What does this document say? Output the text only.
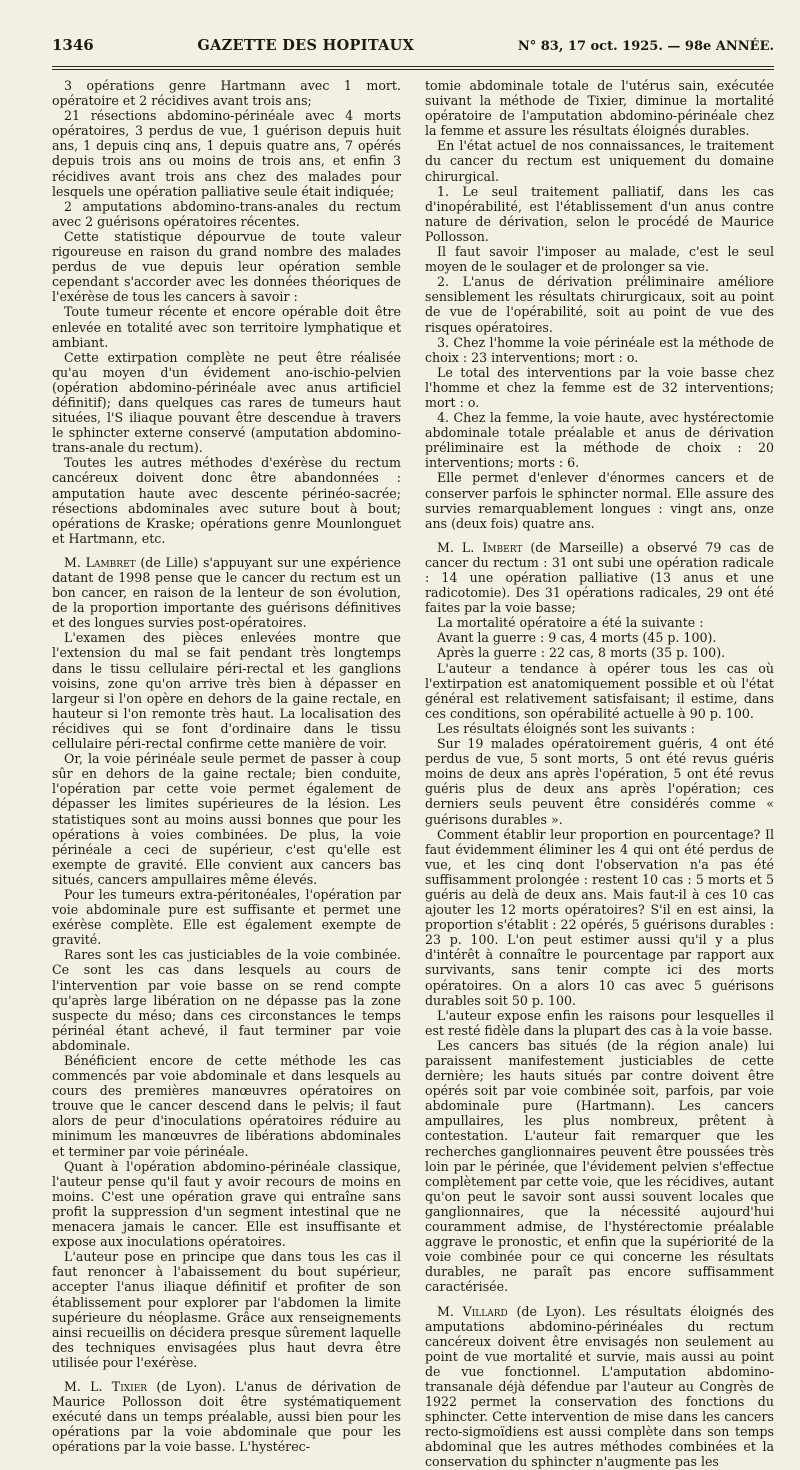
1346	GAZETTE DES HOPITAUX	N° 83, 17 oct. 1925. — 98e ANNÉE.

3 opérations genre Hartmann avec 1 mort. opératoire et 2 récidives avant trois ans;

21 résections abdomino-périnéale avec 4 morts opératoires, 3 perdus de vue, 1 guérison depuis huit ans, 1 depuis cinq ans, 1 depuis quatre ans, 7 opérés depuis trois ans ou moins de trois ans, et enfin 3 récidives avant trois ans chez des malades pour lesquels une opération palliative seule était indiquée;

2 amputations abdomino-trans-anales du rectum avec 2 guérisons opératoires récentes.

Cette statistique dépourvue de toute valeur rigoureuse en raison du grand nombre des malades perdus de vue depuis leur opération semble cependant s'accorder avec les données théoriques de l'exérèse de tous les cancers à savoir :

Toute tumeur récente et encore opérable doit être enlevée en totalité avec son territoire lymphatique et ambiant.

Cette extirpation complète ne peut être réalisée qu'au moyen d'un évidement ano-ischio-pelvien (opération abdomino-périnéale avec anus artificiel définitif); dans quelques cas rares de tumeurs haut situées, l'S iliaque pouvant être descendue à travers le sphincter externe conservé (amputation abdomino-trans-anale du rectum).

Toutes les autres méthodes d'exérèse du rectum cancéreux doivent donc être abandonnées : amputation haute avec descente périnéo-sacrée; résections abdominales avec suture bout à bout; opérations de Kraske; opérations genre Mounlonguet et Hartmann, etc.

M. Lambret (de Lille) s'appuyant sur une expérience datant de 1998 pense que le cancer du rectum est un bon cancer, en raison de la lenteur de son évolution, de la proportion importante des guérisons définitives et des longues survies post-opératoires.

L'examen des pièces enlevées montre que l'extension du mal se fait pendant très longtemps dans le tissu cellulaire péri-rectal et les ganglions voisins, zone qu'on arrive très bien à dépasser en largeur si l'on opère en dehors de la gaine rectale, en hauteur si l'on remonte très haut. La localisation des récidives qui se font d'ordinaire dans le tissu cellulaire péri-rectal confirme cette manière de voir.

Or, la voie périnéale seule permet de passer à coup sûr en dehors de la gaine rectale; bien conduite, l'opération par cette voie permet également de dépasser les limites supérieures de la lésion. Les statistiques sont au moins aussi bonnes que pour les opérations à voies combinées. De plus, la voie périnéale a ceci de supérieur, c'est qu'elle est exempte de gravité. Elle convient aux cancers bas situés, cancers ampullaires même élevés.

Pour les tumeurs extra-péritonéales, l'opération par voie abdominale pure est suffisante et permet une exérèse complète. Elle est également exempte de gravité.

Rares sont les cas justiciables de la voie combinée. Ce sont les cas dans lesquels au cours de l'intervention par voie basse on se rend compte qu'après large libération on ne dépasse pas la zone suspecte du méso; dans ces circonstances le temps périnéal étant achevé, il faut terminer par voie abdominale.

Bénéficient encore de cette méthode les cas commencés par voie abdominale et dans lesquels au cours des premières manœuvres opératoires on trouve que le cancer descend dans le pelvis; il faut alors de peur d'inoculations opératoires réduire au minimum les manœuvres de libérations abdominales et terminer par voie périnéale.

Quant à l'opération abdomino-périnéale classique, l'auteur pense qu'il faut y avoir recours de moins en moins. C'est une opération grave qui entraîne sans profit la suppression d'un segment intestinal que ne menacera jamais le cancer. Elle est insuffisante et expose aux inoculations opératoires.

L'auteur pose en principe que dans tous les cas il faut renoncer à l'abaissement du bout supérieur, accepter l'anus iliaque définitif et profiter de son établissement pour explorer par l'abdomen la limite supérieure du néoplasme. Grâce aux renseignements ainsi recueillis on décidera presque sûrement laquelle des techniques envisagées plus haut devra être utilisée pour l'exérèse.

M. L. Tixier (de Lyon). L'anus de dérivation de Maurice Pollosson doit être systématiquement exécuté dans un temps préalable, aussi bien pour les opérations par la voie abdominale que pour les opérations par la voie basse. L'hystérec-

tomie abdominale totale de l'utérus sain, exécutée suivant la méthode de Tixier, diminue la mortalité opératoire de l'amputation abdomino-périnéale chez la femme et assure les résultats éloignés durables.

En l'état actuel de nos connaissances, le traitement du cancer du rectum est uniquement du domaine chirurgical.

1. Le seul traitement palliatif, dans les cas d'inopérabilité, est l'établissement d'un anus contre nature de dérivation, selon le procédé de Maurice Pollosson.

Il faut savoir l'imposer au malade, c'est le seul moyen de le soulager et de prolonger sa vie.

2. L'anus de dérivation préliminaire améliore sensiblement les résultats chirurgicaux, soit au point de vue de l'opérabilité, soit au point de vue des risques opératoires.

3. Chez l'homme la voie périnéale est la méthode de choix : 23 interventions; mort : o.

Le total des interventions par la voie basse chez l'homme et chez la femme est de 32 interventions; mort : o.

4. Chez la femme, la voie haute, avec hystérectomie abdominale totale préalable et anus de dérivation préliminaire est la méthode de choix : 20 interventions; morts : 6.

Elle permet d'enlever d'énormes cancers et de conserver parfois le sphincter normal. Elle assure des survies remarquablement longues : vingt ans, onze ans (deux fois) quatre ans.

M. L. Imbert (de Marseille) a observé 79 cas de cancer du rectum : 31 ont subi une opération radicale : 14 une opération palliative (13 anus et une radicotomie). Des 31 opérations radicales, 29 ont été faites par la voie basse;

La mortalité opératoire a été la suivante :

Avant la guerre : 9 cas, 4 morts (45 p. 100).

Après la guerre : 22 cas, 8 morts (35 p. 100).

L'auteur a tendance à opérer tous les cas où l'extirpation est anatomiquement possible et où l'état général est relativement satisfaisant; il estime, dans ces conditions, son opérabilité actuelle à 90 p. 100.

Les résultats éloignés sont les suivants :

Sur 19 malades opératoirement guéris, 4 ont été perdus de vue, 5 sont morts, 5 ont été revus guéris moins de deux ans après l'opération, 5 ont été revus guéris plus de deux ans après l'opération; ces derniers seuls peuvent être considérés comme « guérisons durables ».

Comment établir leur proportion en pourcentage? Il faut évidemment éliminer les 4 qui ont été perdus de vue, et les cinq dont l'observation n'a pas été suffisamment prolongée : restent 10 cas : 5 morts et 5 guéris au delà de deux ans. Mais faut-il à ces 10 cas ajouter les 12 morts opératoires? S'il en est ainsi, la proportion s'établit : 22 opérés, 5 guérisons durables : 23 p. 100. L'on peut estimer aussi qu'il y a plus d'intérêt à connaître le pourcentage par rapport aux survivants, sans tenir compte ici des morts opératoires. On a alors 10 cas avec 5 guérisons durables soit 50 p. 100.

L'auteur expose enfin les raisons pour lesquelles il est resté fidèle dans la plupart des cas à la voie basse.

Les cancers bas situés (de la région anale) lui paraissent manifestement justiciables de cette dernière; les hauts situés par contre doivent être opérés soit par voie combinée soit, parfois, par voie abdominale pure (Hartmann). Les cancers ampullaires, les plus nombreux, prêtent à contestation. L'auteur fait remarquer que les recherches ganglionnaires peuvent être poussées très loin par le périnée, que l'évidement pelvien s'effectue complètement par cette voie, que les récidives, autant qu'on peut le savoir sont aussi souvent locales que ganglionnaires, que la nécessité aujourd'hui couramment admise, de l'hystérectomie préalable aggrave le pronostic, et enfin que la supériorité de la voie combinée pour ce qui concerne les résultats durables, ne paraît pas encore suffisamment caractérisée.

M. Villard (de Lyon). Les résultats éloignés des amputations abdomino-périnéales du rectum cancéreux doivent être envisagés non seulement au point de vue mortalité et survie, mais aussi au point de vue fonctionnel. L'amputation abdomino-transanale déjà défendue par l'auteur au Congrès de 1922 permet la conservation des fonctions du sphincter. Cette intervention de mise dans les cancers recto-sigmoïdiens est aussi complète dans son temps abdominal que les autres méthodes combinées et la conservation du sphincter n'augmente pas les
